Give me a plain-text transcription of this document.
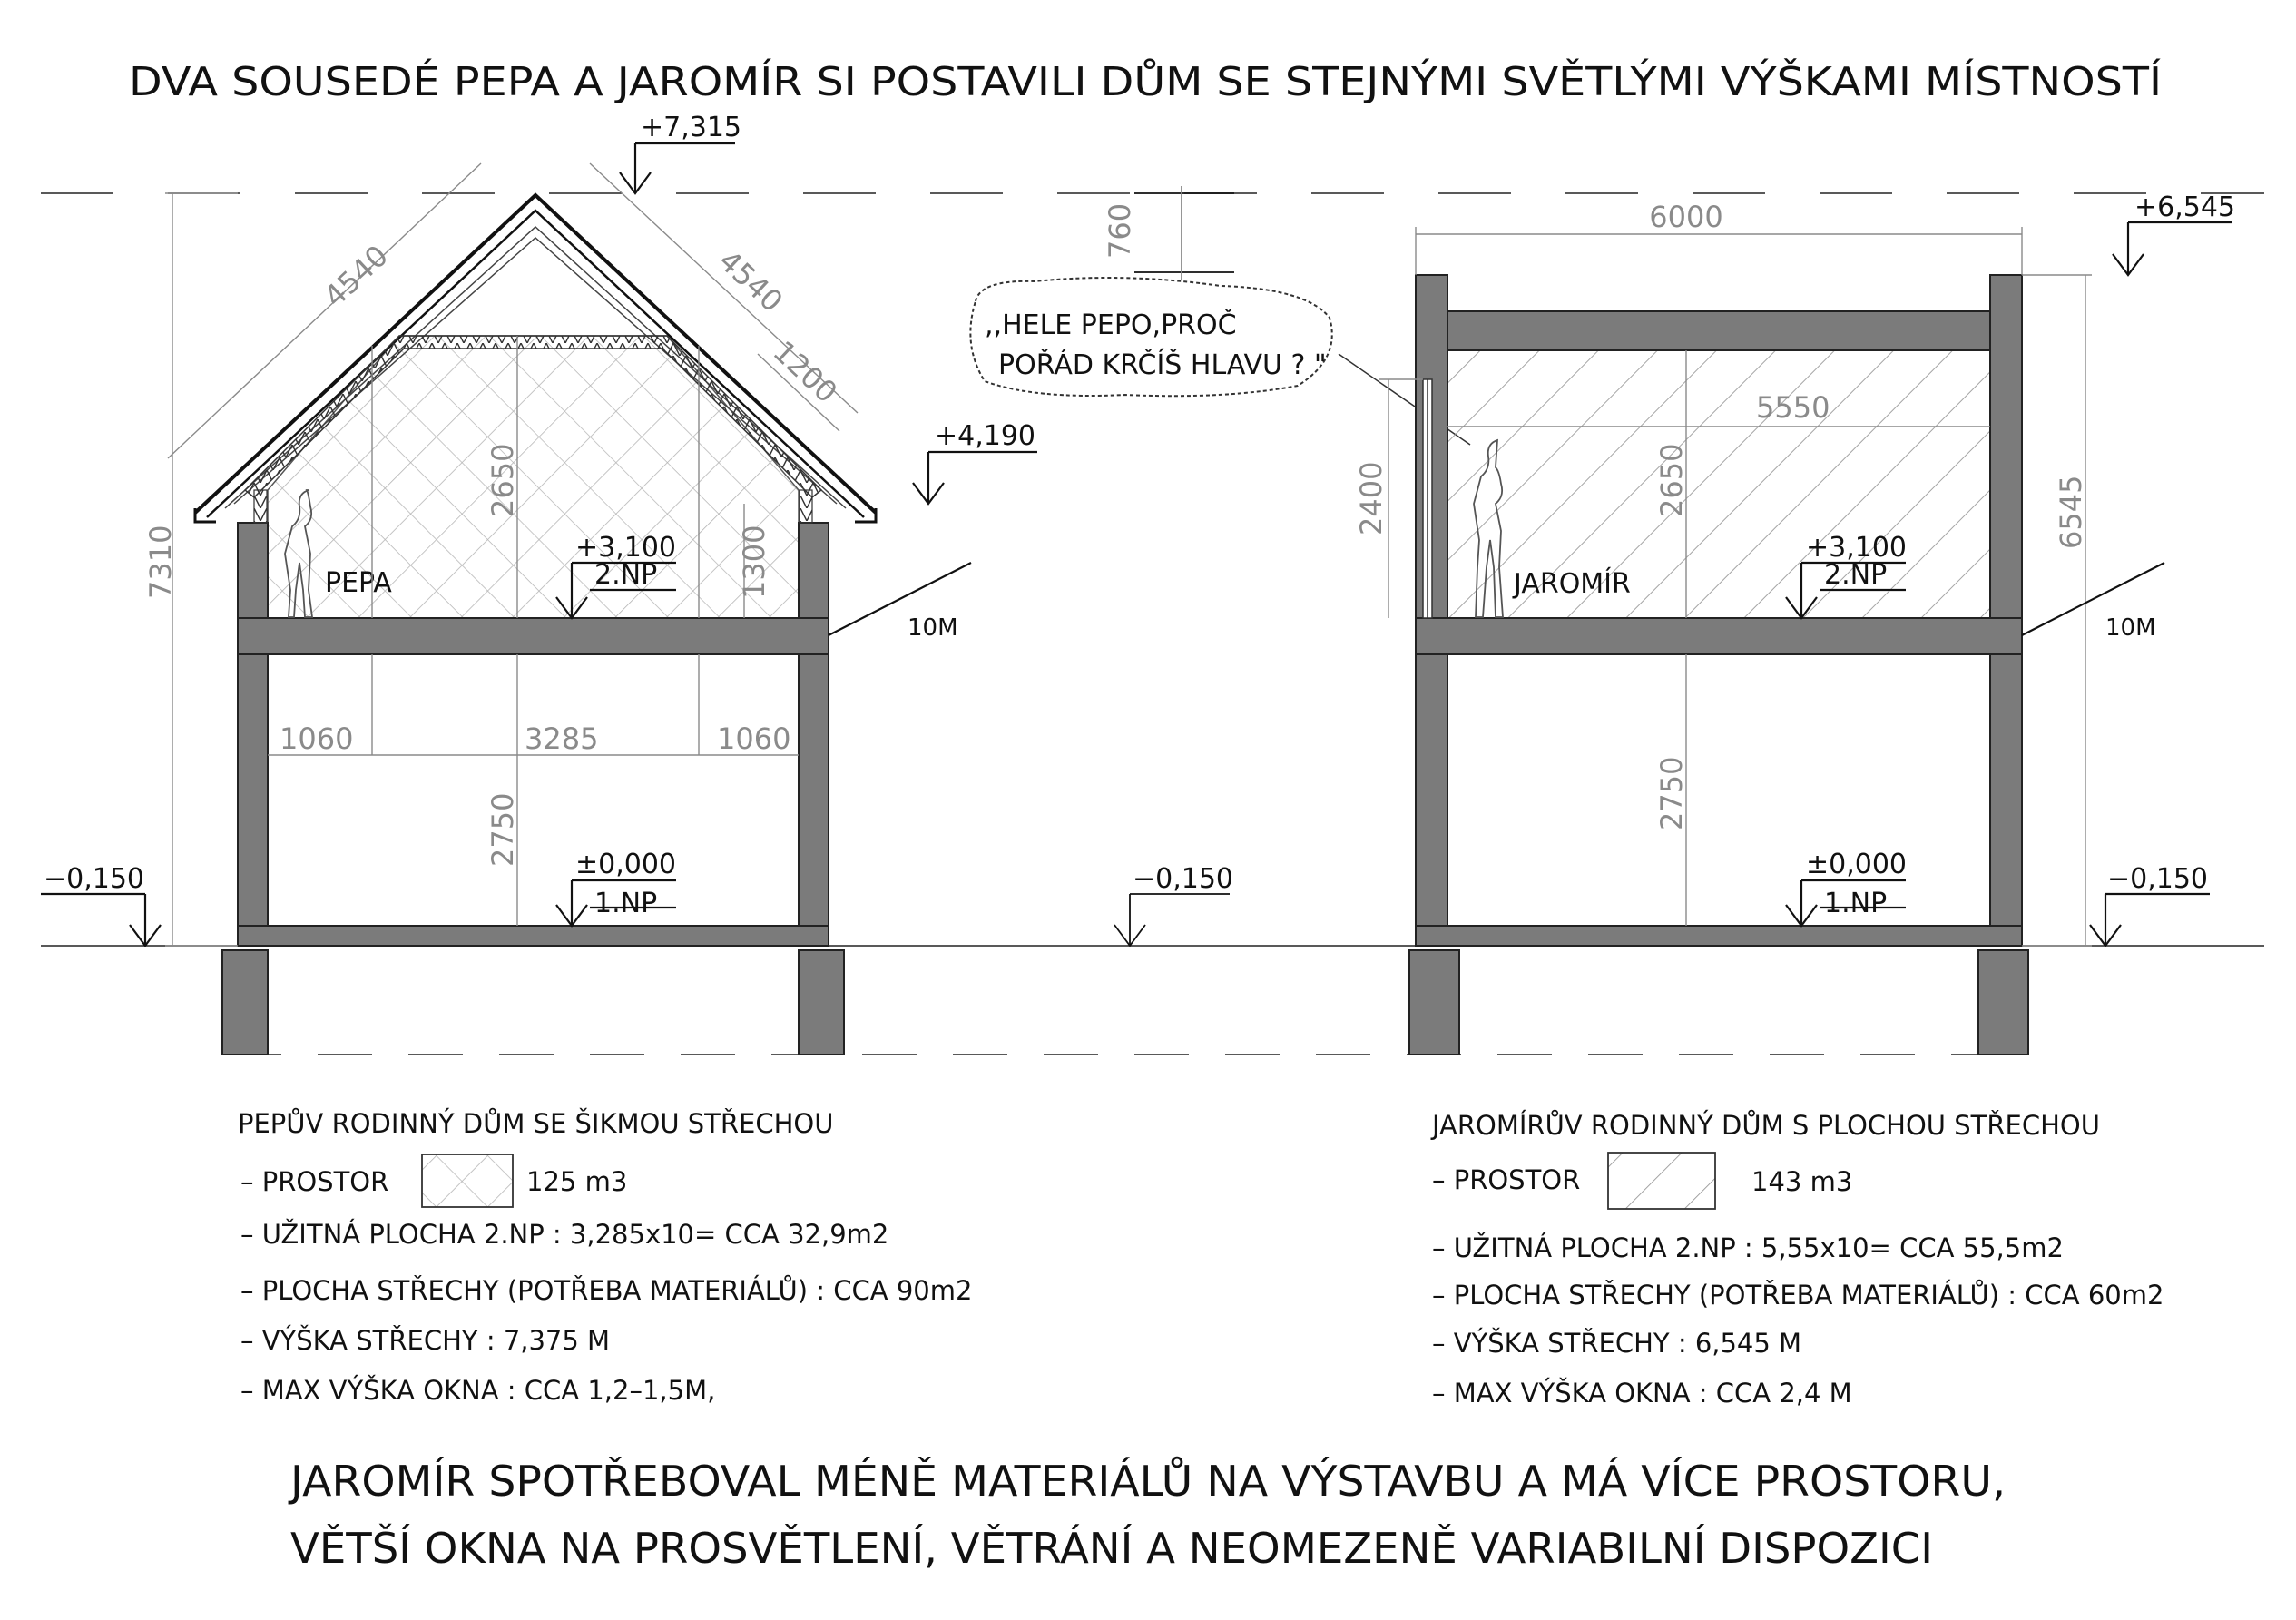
DVA SOUSEDÉ PEPA A JAROMÍR SI POSTAVILI DŮM SE STEJNÝMI SVĚTLÝMI VÝŠKAMI MÍSTNOSTÍ
PEPA
4540	4540
1200
7310
2650
1300
1060	3285	1060
2750
+7,315
+4,190
+3,100
2.NP
±0,000
1.NP
−0,150
10M
760
−0,150
,,HELE PEPO,PROČ
POŘÁD KRČÍŠ HLAVU ? "
JAROMÍR
6000
5550
2400	2650	6545
2750
+6,545
+3,100
2.NP
±0,000
1.NP
−0,150
10M
PEPŮV RODINNÝ DŮM SE ŠIKMOU STŘECHOU
– PROSTOR	125 m3
– UŽITNÁ PLOCHA 2.NP : 3,285x10= CCA 32,9m2
– PLOCHA STŘECHY (POTŘEBA MATERIÁLŮ) : CCA 90m2
– VÝŠKA STŘECHY : 7,375 M
– MAX VÝŠKA OKNA : CCA 1,2–1,5M,
JAROMÍRŮV RODINNÝ DŮM S PLOCHOU STŘECHOU
– PROSTOR	143 m3
– UŽITNÁ PLOCHA 2.NP : 5,55x10= CCA 55,5m2
– PLOCHA STŘECHY (POTŘEBA MATERIÁLŮ) : CCA 60m2
– VÝŠKA STŘECHY : 6,545 M
– MAX VÝŠKA OKNA : CCA 2,4 M
JAROMÍR SPOTŘEBOVAL MÉNĚ MATERIÁLŮ NA VÝSTAVBU A MÁ VÍCE PROSTORU,
VĚTŠÍ OKNA NA PROSVĚTLENÍ, VĚTRÁNÍ A NEOMEZENĚ VARIABILNÍ DISPOZICI
